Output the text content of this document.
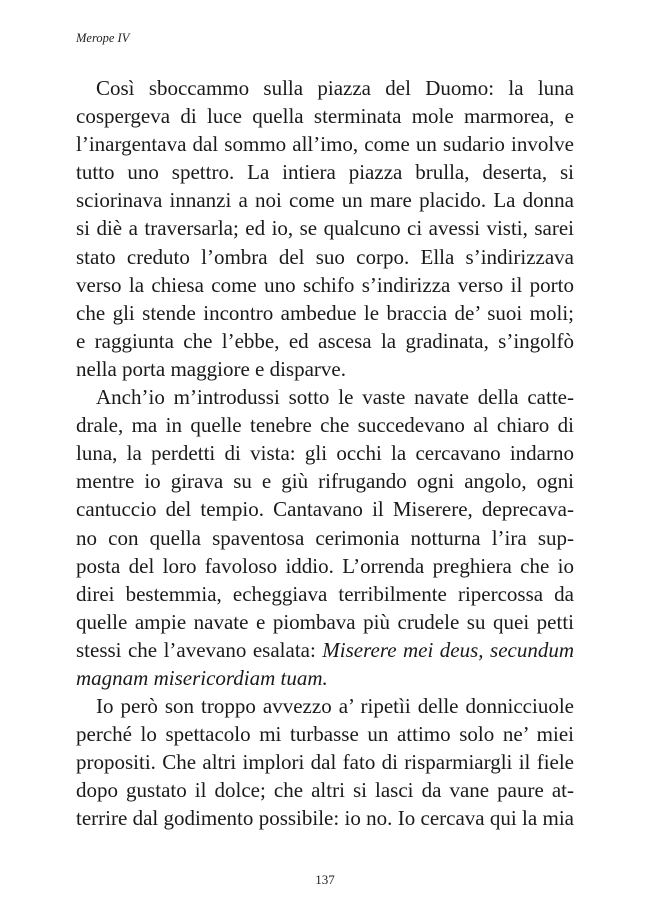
Merope IV
Così sboccammo sulla piazza del Duomo: la luna
cospergeva di luce quella sterminata mole marmorea, e
l’inargentava dal sommo all’imo, come un sudario involve
tutto uno spettro. La intiera piazza brulla, deserta, si
sciorinava innanzi a noi come un mare placido. La donna
si diè a traversarla; ed io, se qualcuno ci avessi visti, sarei
stato creduto l’ombra del suo corpo. Ella s’indirizzava
verso la chiesa come uno schifo s’indirizza verso il porto
che gli stende incontro ambedue le braccia de’ suoi moli;
e raggiunta che l’ebbe, ed ascesa la gradinata, s’ingolfò
nella porta maggiore e disparve.
Anch’io m’introdussi sotto le vaste navate della catte-
drale, ma in quelle tenebre che succedevano al chiaro di
luna, la perdetti di vista: gli occhi la cercavano indarno
mentre io girava su e giù rifrugando ogni angolo, ogni
cantuccio del tempio. Cantavano il Miserere, deprecava-
no con quella spaventosa cerimonia notturna l’ira sup-
posta del loro favoloso iddio. L’orrenda preghiera che io
direi bestemmia, echeggiava terribilmente ripercossa da
quelle ampie navate e piombava più crudele su quei petti
stessi che l’avevano esalata: Miserere mei deus, secundum
magnam misericordiam tuam.
Io però son troppo avvezzo a’ ripetìi delle donnicciuole
perché lo spettacolo mi turbasse un attimo solo ne’ miei
propositi. Che altri implori dal fato di risparmiargli il fiele
dopo gustato il dolce; che altri si lasci da vane paure at-
terrire dal godimento possibile: io no. Io cercava qui la mia
137
